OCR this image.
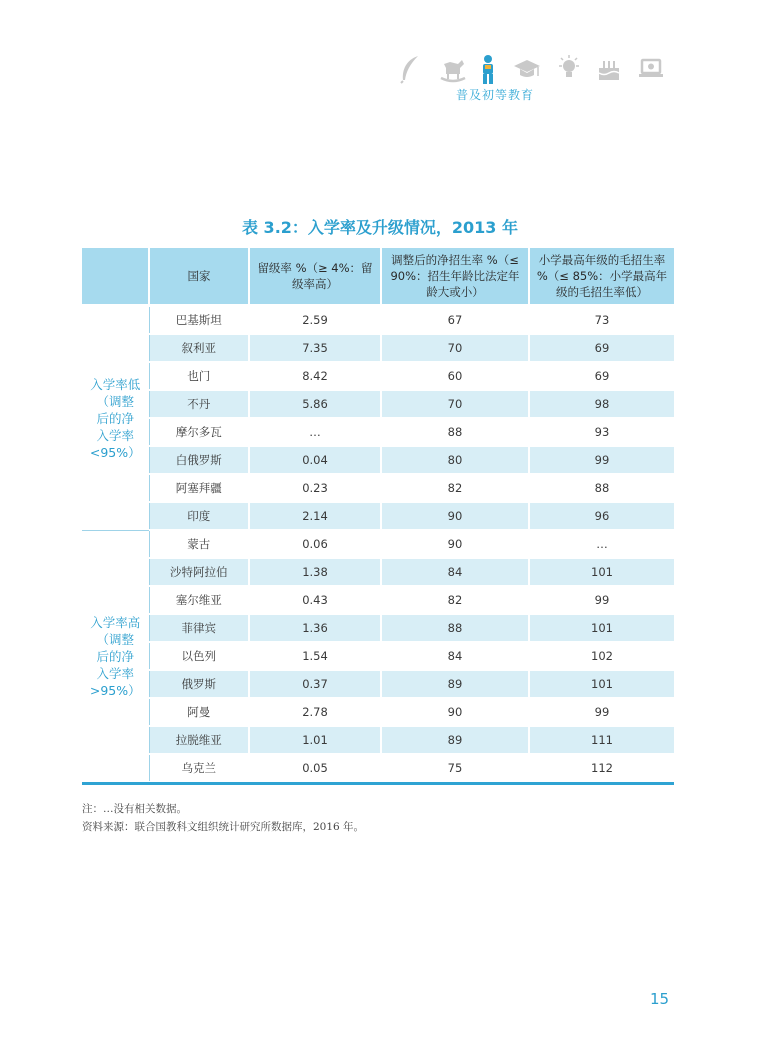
普及初等教育
表 3.2：入学率及升级情况，2013 年
	国家	留级率 %（≥ 4%：留级率高）	调整后的净招生率 %（≤ 90%：招生年龄比法定年龄大或小）	小学最高年级的毛招生率 %（≤ 85%：小学最高年级的毛招生率低）

入学率低
（调整
后的净
入学率
<95%）	巴基斯坦	2.59	67	73
	叙利亚	7.35	70	69
	也门	8.42	60	69
	不丹	5.86	70	98
	摩尔多瓦	…	88	93
	白俄罗斯	0.04	80	99
	阿塞拜疆	0.23	82	88
	印度	2.14	90	96

入学率高
（调整
后的净
入学率
>95%）	蒙古	0.06	90	…
	沙特阿拉伯	1.38	84	101
	塞尔维亚	0.43	82	99
	菲律宾	1.36	88	101
	以色列	1.54	84	102
	俄罗斯	0.37	89	101
	阿曼	2.78	90	99
	拉脱维亚	1.01	89	111
	乌克兰	0.05	75	112
注：…没有相关数据。
资料来源：联合国教科文组织统计研究所数据库，2016 年。
15
